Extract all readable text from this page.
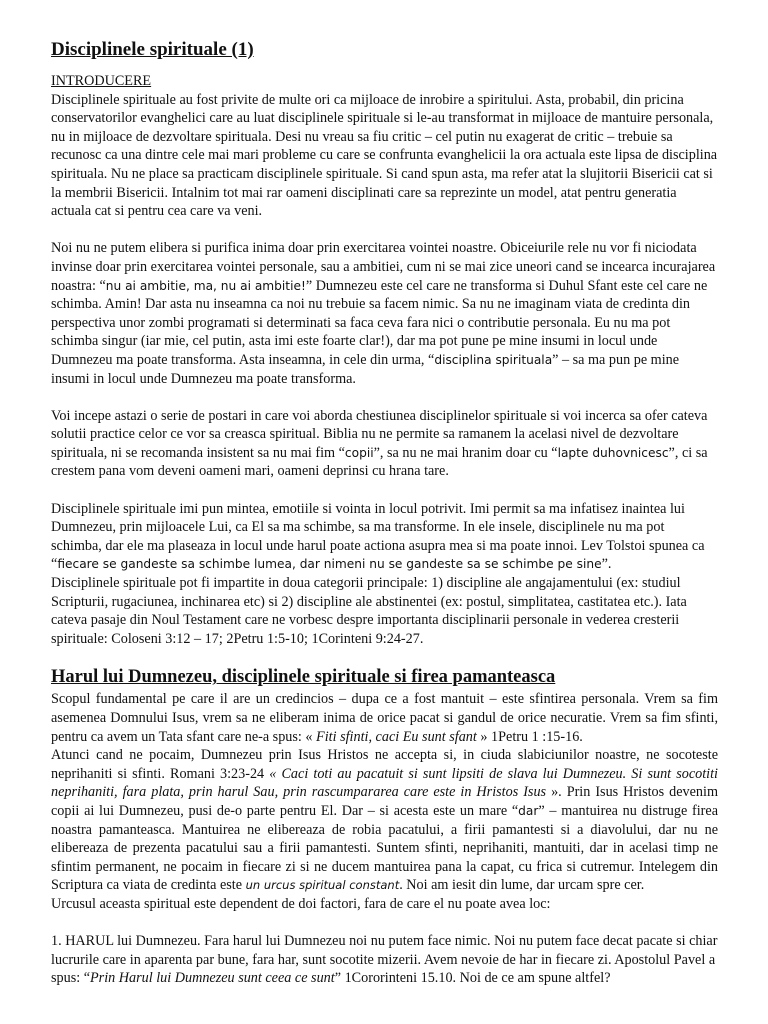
Disciplinele spirituale (1)
INTRODUCERE

Disciplinele spirituale au fost privite de multe ori ca mijloace de inrobire a spiritului. Asta, probabil, din pricina conservatorilor evanghelici care au luat disciplinele spirituale si le-au transformat in mijloace de mantuire personala, nu in mijloace de dezvoltare spirituala. Desi nu vreau sa fiu critic – cel putin nu exagerat de critic – trebuie sa recunosc ca una dintre cele mai mari probleme cu care se confrunta evanghelicii la ora actuala este lipsa de disciplina spirituala. Nu ne place sa practicam disciplinele spirituale. Si cand spun asta, ma refer atat la slujitorii Bisericii cat si la membrii Bisericii. Intalnim tot mai rar oameni disciplinati care sa reprezinte un model, atat pentru generatia actuala cat si pentru cea care va veni.

Noi nu ne putem elibera si purifica inima doar prin exercitarea vointei noastre. Obiceiurile rele nu vor fi niciodata invinse doar prin exercitarea vointei personale, sau a ambitiei, cum ni se mai zice uneori cand se incearca incurajarea noastra: “nu ai ambitie, ma, nu ai ambitie!” Dumnezeu este cel care ne transforma si Duhul Sfant este cel care ne schimba. Amin! Dar asta nu inseamna ca noi nu trebuie sa facem nimic. Sa nu ne imaginam viata de credinta din perspectiva unor zombi programati si determinati sa faca ceva fara nici o contributie personala. Eu nu ma pot schimba singur (iar mie, cel putin, asta imi este foarte clar!), dar ma pot pune pe mine insumi in locul unde Dumnezeu ma poate transforma. Asta inseamna, in cele din urma, “disciplina spirituala” – sa ma pun pe mine insumi in locul unde Dumnezeu ma poate transforma.

Voi incepe astazi o serie de postari in care voi aborda chestiunea disciplinelor spirituale si voi incerca sa ofer cateva solutii practice celor ce vor sa creasca spiritual. Biblia nu ne permite sa ramanem la acelasi nivel de dezvoltare spirituala, ni se recomanda insistent sa nu mai fim “copii”, sa nu ne mai hranim doar cu “lapte duhovnicesc”, ci sa crestem pana vom deveni oameni mari, oameni deprinsi cu hrana tare.

Disciplinele spirituale imi pun mintea, emotiile si vointa in locul potrivit. Imi permit sa ma infatisez inaintea lui Dumnezeu, prin mijloacele Lui, ca El sa ma schimbe, sa ma transforme. In ele insele, disciplinele nu ma pot schimba, dar ele ma plaseaza in locul unde harul poate actiona asupra mea si ma poate innoi. Lev Tolstoi spunea ca “fiecare se gandeste sa schimbe lumea, dar nimeni nu se gandeste sa se schimbe pe sine”.

Disciplinele spirituale pot fi impartite in doua categorii principale: 1) discipline ale angajamentului (ex: studiul Scripturii, rugaciunea, inchinarea etc) si 2) discipline ale abstinentei (ex: postul, simplitatea, castitatea etc.). Iata cateva pasaje din Noul Testament care ne vorbesc despre importanta disciplinarii personale in vederea cresterii spirituale: Coloseni 3:12 – 17; 2Petru 1:5-10; 1Corinteni 9:24-27.

Harul lui Dumnezeu, disciplinele spirituale si firea pamanteasca

Scopul fundamental pe care il are un credincios – dupa ce a fost mantuit – este sfintirea personala. Vrem sa fim asemenea Domnului Isus, vrem sa ne eliberam inima de orice pacat si gandul de orice necuratie. Vrem sa fim sfinti, pentru ca avem un Tata sfant care ne-a spus: « Fiti sfinti, caci Eu sunt sfant » 1Petru 1 :15-16.

Atunci cand ne pocaim, Dumnezeu prin Isus Hristos ne accepta si, in ciuda slabiciunilor noastre, ne socoteste neprihaniti si sfinti. Romani 3:23-24 « Caci toti au pacatuit si sunt lipsiti de slava lui Dumnezeu. Si sunt socotiti neprihaniti, fara plata, prin harul Sau, prin rascumpararea care este in Hristos Isus ». Prin Isus Hristos devenim copii ai lui Dumnezeu, pusi de-o parte pentru El. Dar – si acesta este un mare “dar” – mantuirea nu distruge firea noastra pamanteasca. Mantuirea ne elibereaza de robia pacatului, a firii pamantesti si a diavolului, dar nu ne elibereaza de prezenta pacatului sau a firii pamantesti. Suntem sfinti, neprihaniti, mantuiti, dar in acelasi timp ne sfintim permanent, ne pocaim in fiecare zi si ne ducem mantuirea pana la capat, cu frica si cutremur. Intelegem din Scriptura ca viata de credinta este un urcus spiritual constant. Noi am iesit din lume, dar urcam spre cer.

Urcusul aceasta spiritual este dependent de doi factori, fara de care el nu poate avea loc:

1. HARUL lui Dumnezeu. Fara harul lui Dumnezeu noi nu putem face nimic. Noi nu putem face decat pacate si chiar lucrurile care in aparenta par bune, fara har, sunt socotite mizerii. Avem nevoie de har in fiecare zi. Apostolul Pavel a spus: “Prin Harul lui Dumnezeu sunt ceea ce sunt” 1Cororinteni 15.10. Noi de ce am spune altfel?
